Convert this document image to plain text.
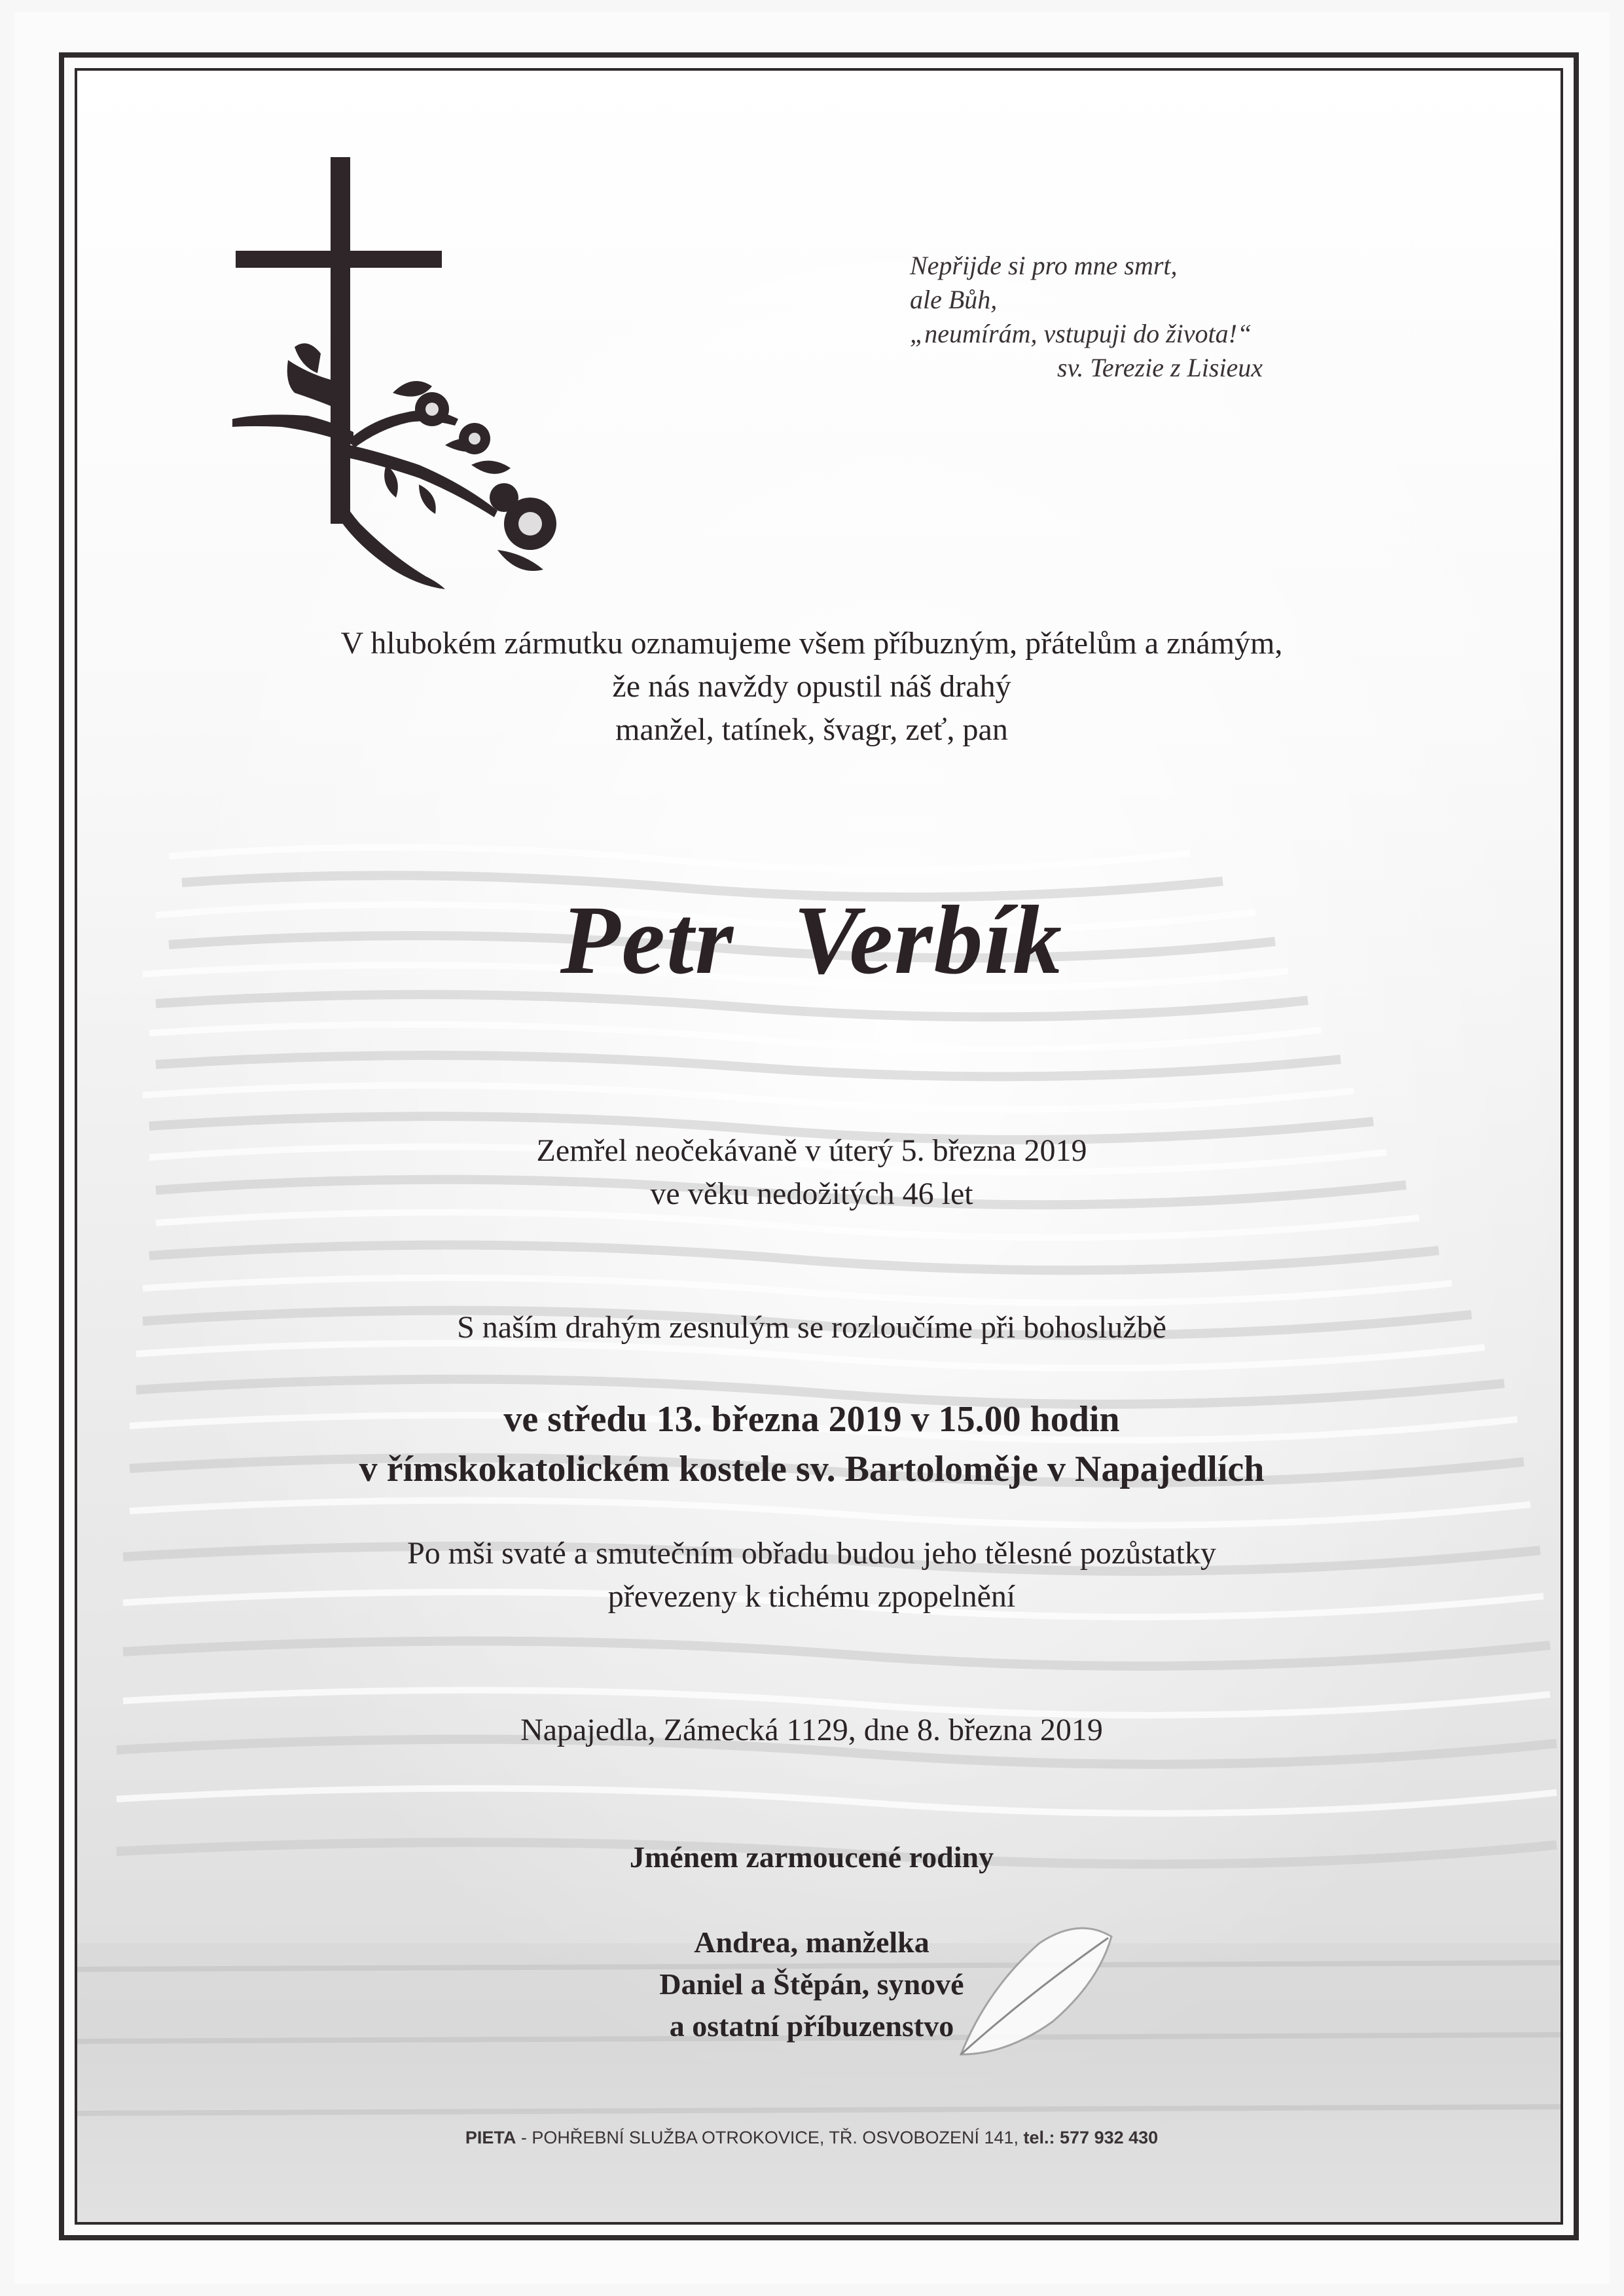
Nepřijde si pro mne smrt,
ale Bůh,
„neumírám, vstupuji do života!“
sv. Terezie z Lisieux
V hlubokém zármutku oznamujeme všem příbuzným, přátelům a známým,
že nás navždy opustil náš drahý
manžel, tatínek, švagr, zeť, pan
Petr Verbík
Zemřel neočekávaně v úterý 5. března 2019
ve věku nedožitých 46 let
S naším drahým zesnulým se rozloučíme při bohoslužbě
ve středu 13. března 2019 v 15.00 hodin
v římskokatolickém kostele sv. Bartoloměje v Napajedlích
Po mši svaté a smutečním obřadu budou jeho tělesné pozůstatky
převezeny k tichému zpopelnění
Napajedla, Zámecká 1129, dne 8. března 2019
Jménem zarmoucené rodiny
Andrea, manželka
Daniel a Štěpán, synové
a ostatní příbuzenstvo
PIETA - POHŘEBNÍ SLUŽBA OTROKOVICE, TŘ. OSVOBOZENÍ 141, tel.: 577 932 430
